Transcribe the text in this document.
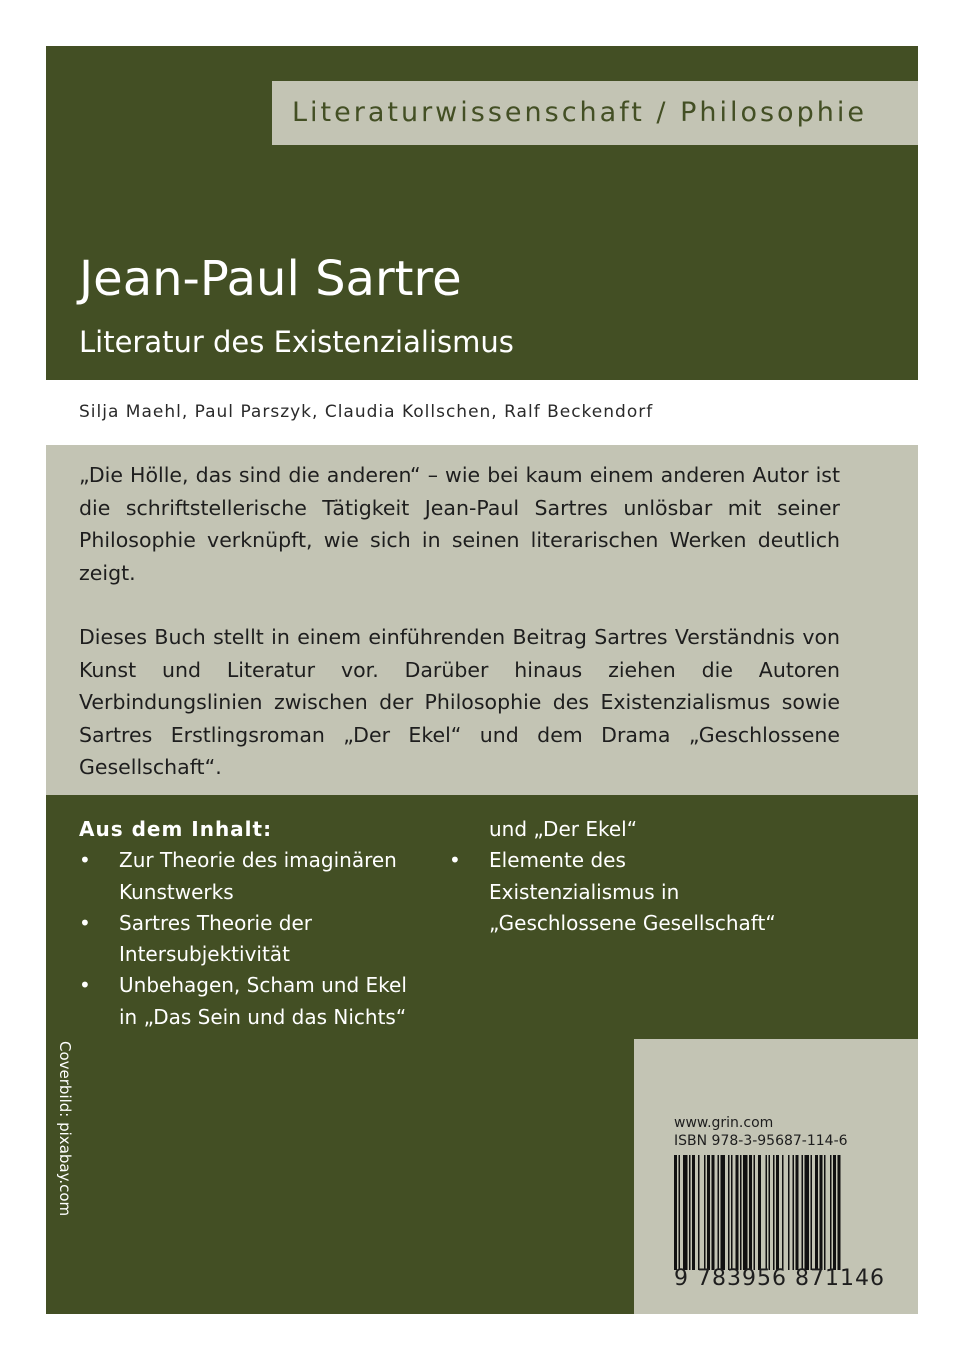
Literaturwissenschaft / Philosophie
Jean-Paul Sartre
Literatur des Existenzialismus
Silja Maehl, Paul Parszyk, Claudia Kollschen, Ralf Beckendorf

„Die Hölle, das sind die anderen“ – wie bei kaum einem anderen Autor ist die schriftstellerische Tätigkeit Jean-Paul Sartres unlösbar mit seiner Philosophie verknüpft, wie sich in seinen literarischen Werken deutlich zeigt.

Dieses Buch stellt in einem einführenden Beitrag Sartres Verständnis von Kunst und Literatur vor. Darüber hinaus ziehen die Autoren Verbindungslinien zwischen der Philosophie des Existenzialismus sowie Sartres Erstlingsroman „Der Ekel“ und dem Drama „Geschlossene Gesellschaft“.

Aus dem Inhalt:
• Zur Theorie des imaginären Kunstwerks
• Sartres Theorie der Intersubjektivität
• Unbehagen, Scham und Ekel in „Das Sein und das Nichts“ und „Der Ekel“
• Elemente des Existenzialismus in „Geschlossene Gesellschaft“
Coverbild: pixabay.com	www.grin.com
ISBN 978-3-95687-114-6
9 783956 871146
